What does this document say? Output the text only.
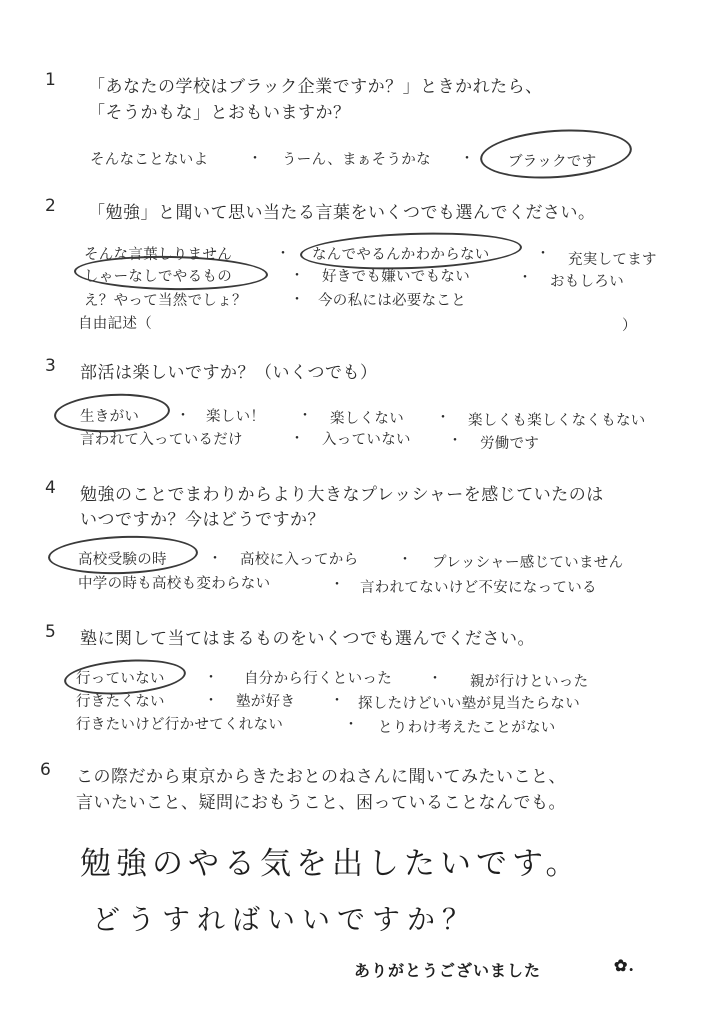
1 「あなたの学校はブラック企業ですか？」ときかれたら、
「そうかもな」とおもいますか？
そんなことないよ	・ うーん、まぁそうかな ・ ブラックです
2 「勉強」と聞いて思い当たる言葉をいくつでも選んでください。
そんな言葉しりません	・ なんでやるんかわからない	・ 充実してます
しゃーなしでやるもの	・ 好きでも嫌いでもない	・ おもしろい
え？やって当然でしょ？	・ 今の私には必要なこと
自由記述（	）
3 部活は楽しいですか？（いくつでも）
生きがい	・ 楽しい！ ・ 楽しくない ・ 楽しくも楽しくなくもない
言われて入っているだけ	・ 入っていない	・ 労働です
4 勉強のことでまわりからより大きなプレッシャーを感じていたのは
いつですか？今はどうですか？
高校受験の時	・ 高校に入ってから	・ プレッシャー感じていません
中学の時も高校も変わらない	・ 言われてないけど不安になっている
5 塾に関して当てはまるものをいくつでも選んでください。
行っていない	・ 自分から行くといった	・ 親が行けといった
行きたくない	・ 塾が好き ・ 探したけどいい塾が見当たらない
行きたいけど行かせてくれない	・ とりわけ考えたことがない
6 この際だから東京からきたおとのねさんに聞いてみたいこと、
言いたいこと、疑問におもうこと、困っていることなんでも。
勉強のやる気を出したいです。
どうすればいいですか？
ありがとうございました	✿.
